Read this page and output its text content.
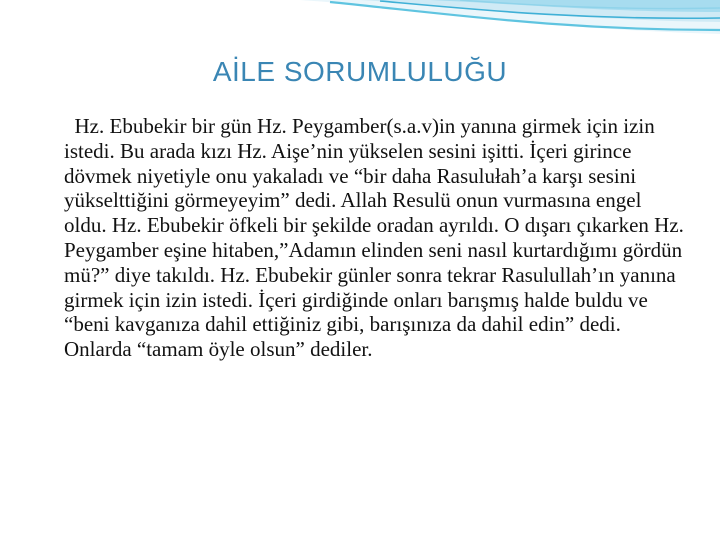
AİLE SORUMLULUĞU

Hz. Ebubekir bir gün Hz. Peygamber(s.a.v)in yanına girmek için izin istedi. Bu arada kızı Hz. Aişe’nin yükselen sesini işitti. İçeri girince dövmek niyetiyle onu yakaladı ve “bir daha Rasulułah’a karşı sesini yükselttiğini görmeyeyim” dedi. Allah Resulü onun vurmasına engel oldu. Hz. Ebubekir öfkeli bir şekilde oradan ayrıldı. O dışarı çıkarken Hz. Peygamber eşine hitaben,”Adamın elinden seni nasıl kurtardığımı gördün mü?” diye takıldı. Hz. Ebubekir günler sonra tekrar Rasulullah’ın yanına girmek için izin istedi. İçeri girdiğinde onları barışmış halde buldu ve “beni kavganıza dahil ettiğiniz gibi, barışınıza da dahil edin” dedi. Onlarda “tamam öyle olsun” dediler.
